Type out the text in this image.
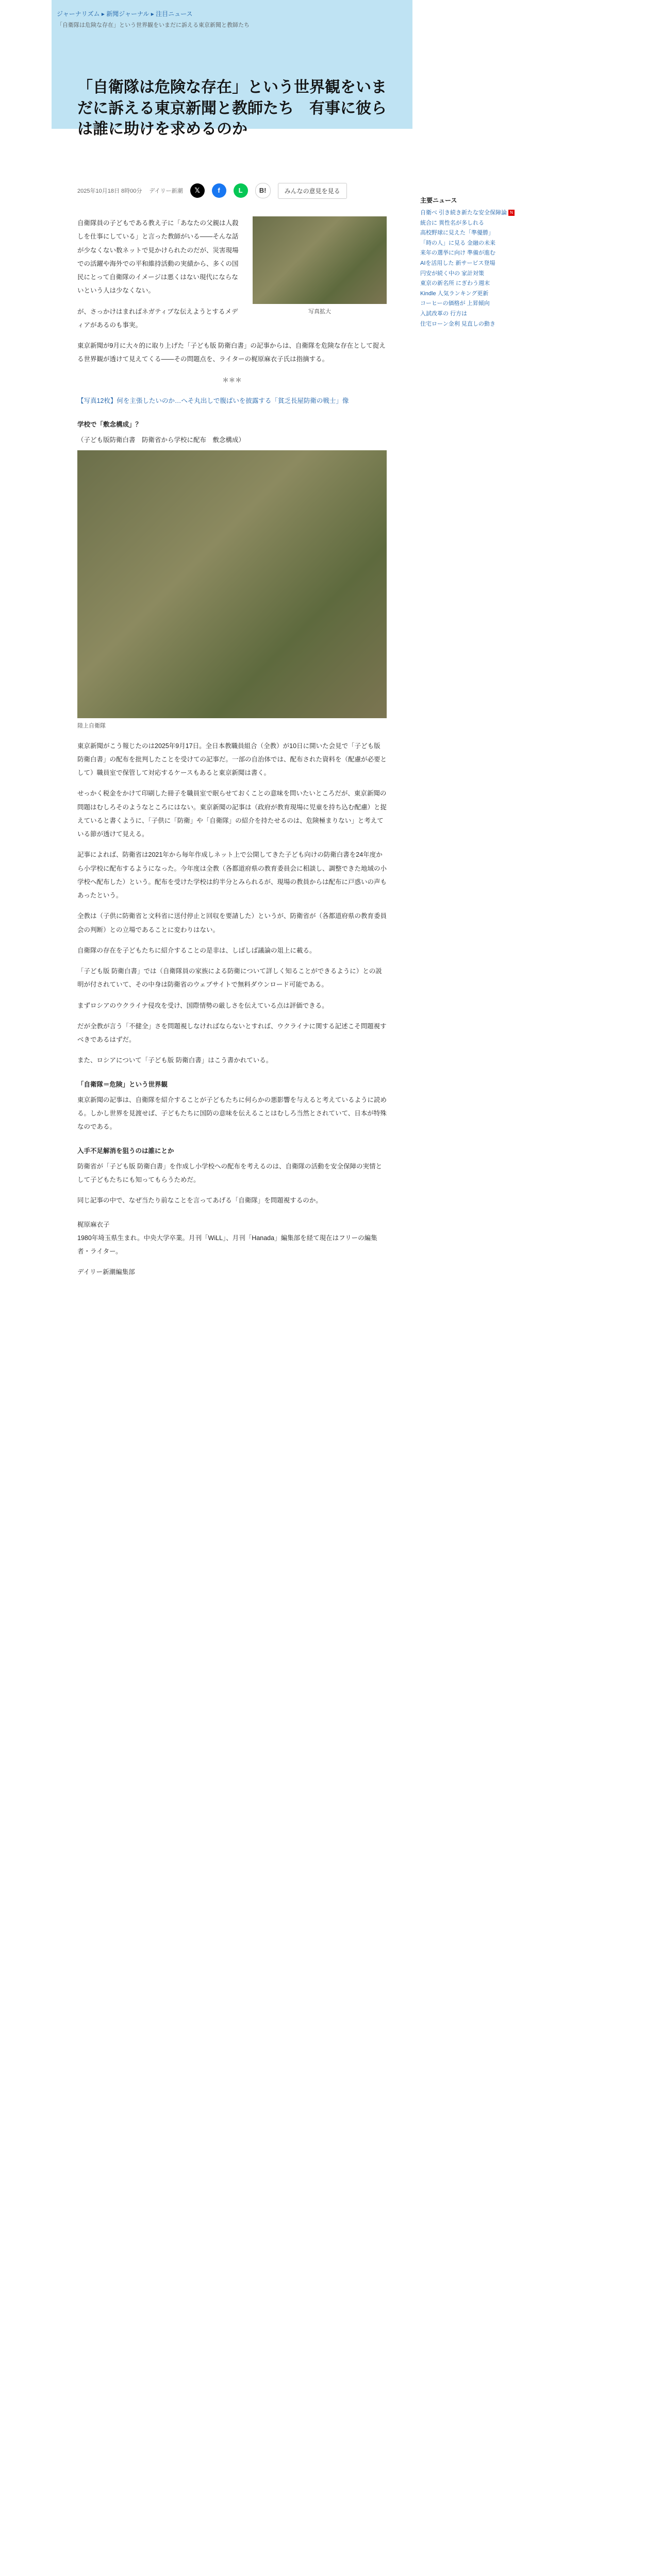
ジャーナリズム ▸ 新聞ジャーナル ▸ 注目ニュース
「自衛隊は危険な存在」という世界観をいまだに訴える東京新聞と教師たち
「自衛隊は危険な存在」という世界観をいまだに訴える東京新聞と教師たち　有事に彼らは誰に助けを求めるのか
2025年10月18日 8時00分 デイリー新潮	𝕏	f	L	B!	みんなの意見を見る
写真拡大

自衛隊員の子どもである教え子に「あなたの父親は人殺しを仕事にしている」と言った教師がいる——そんな話が少なくない数ネットで見かけられたのだが、災害現場での活躍や海外での平和維持活動の実績から、多くの国民にとって自衛隊のイメージは悪くはない現代にならないという人は少なくない。

が、さっかけはまればネガティブな伝えようとするメディアがあるのも事実。

東京新聞が9月に大々的に取り上げた「子ども版 防衛白書」の記事からは、自衛隊を危険な存在として捉える世界観が透けて見えてくる——その問題点を、ライターの梶原麻衣子氏は指摘する。

＊＊＊

【写真12枚】何を主張したいのか…へそ丸出しで腹ばいを披露する「貧乏長屋防衛の戦士」像

学校で「敷念構成」？
（子ども版防衛白書　防衛省から学校に配布　敷念構成）
陸上自衛隊

東京新聞がこう報じたのは2025年9月17日。全日本教職員組合（全教）が10日に開いた会見で「子ども版 防衛白書」の配布を批判したことを受けての記事だ。一部の自治体では、配布された資料を（配慮が必要として）職員室で保管して対応するケースもあると東京新聞は書く。

せっかく税金をかけて印刷した冊子を職員室で眠らせておくことの意味を問いたいところだが、東京新聞の問題はむしろそのようなところにはない。東京新聞の記事は（政府が教育現場に児童を持ち込む配慮）と捉えていると書くように、「子供に「防衛」や「自衛隊」の紹介を持たせるのは、危険極まりない」と考えている節が透けて見える。

記事によれば、防衛省は2021年から毎年作成しネット上で公開してきた子ども向けの防衛白書を24年度から小学校に配布するようになった。今年度は全教（各都道府県の教育委員会に相談し、調整できた地域の小学校へ配布した）という。配布を受けた学校は約半分とみられるが、現場の教員からは配布に戸惑いの声もあったという。

全教は（子供に防衛省と文科省に送付停止と回収を要請した）というが、防衛省が（各都道府県の教育委員会の判断）との立場であることに変わりはない。

自衛隊の存在を子どもたちに紹介することの是非は、しばしば議論の俎上に載る。

「子ども版 防衛白書」では（自衛隊員の家族による防衛について詳しく知ることができるように）との説明が付されていて、その中身は防衛省のウェブサイトで無料ダウンロード可能である。

まずロシアのウクライナ侵攻を受け、国際情勢の厳しさを伝えている点は評価できる。

だが全教が言う「不健全」さを問題視しなければならないとすれば、ウクライナに関する記述こそ問題視すべきであるはずだ。

また、ロシアについて「子ども版 防衛白書」はこう書かれている。

「自衛隊＝危険」という世界観

東京新聞の記事は、自衛隊を紹介することが子どもたちに何らかの悪影響を与えると考えているように読める。しかし世界を見渡せば、子どもたちに国防の意味を伝えることはむしろ当然とされていて、日本が特殊なのである。

入手不足解消を狙うのは誰にとか

防衛省が「子ども版 防衛白書」を作成し小学校への配布を考えるのは、自衛隊の活動を安全保障の実情として子どもたちにも知ってもらうためだ。

同じ記事の中で、なぜ当たり前なことを言ってあげる「自衛隊」を問題視するのか。

梶原麻衣子

1980年埼玉県生まれ。中央大学卒業。月刊「WiLL」、月刊「Hanada」編集部を経て現在はフリーの編集者・ライター。

デイリー新潮編集部

主要ニュース
自衛べ 引き続き新たな安全保障論 N
統合に 異性名が多しれる
高校野球に見えた「準優勝」
「時の人」に見る 金融の未来
来年の選挙に向け 準備が進む
AIを活用した 新サービス登場
円安が続く中の 家計対策
東京の新名所 にぎわう週末
Kindle 人気ランキング更新
コーヒーの価格が 上昇傾向
入試改革の 行方は
住宅ローン金利 見直しの動き
